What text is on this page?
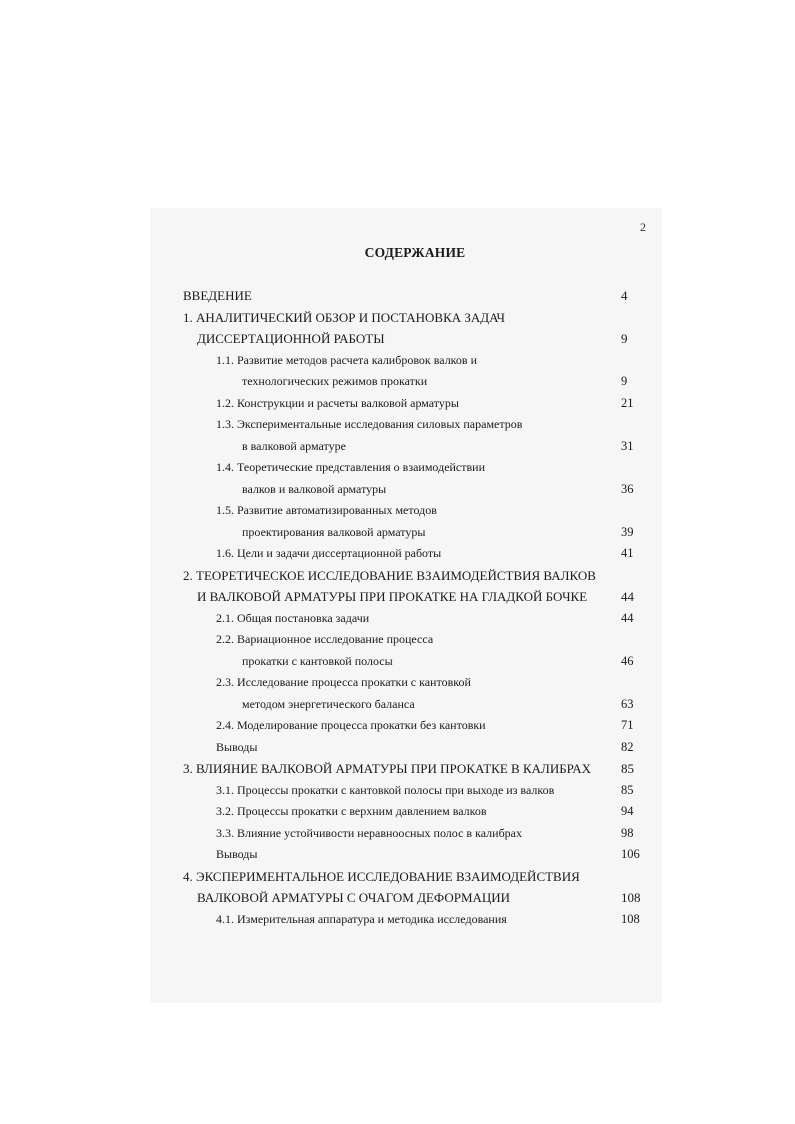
2
СОДЕРЖАНИЕ
ВВЕДЕНИЕ	4
1. АНАЛИТИЧЕСКИЙ ОБЗОР И ПОСТАНОВКА ЗАДАЧ
ДИССЕРТАЦИОННОЙ РАБОТЫ	9
1.1. Развитие методов расчета калибровок валков и
технологических режимов прокатки	9
1.2. Конструкции и расчеты валковой арматуры	21
1.3. Экспериментальные исследования силовых параметров
в валковой арматуре	31
1.4. Теоретические представления о взаимодействии
валков и валковой арматуры	36
1.5. Развитие автоматизированных методов
проектирования валковой арматуры	39
1.6. Цели и задачи диссертационной работы	41
2. ТЕОРЕТИЧЕСКОЕ ИССЛЕДОВАНИЕ ВЗАИМОДЕЙСТВИЯ ВАЛКОВ
И ВАЛКОВОЙ АРМАТУРЫ ПРИ ПРОКАТКЕ НА ГЛАДКОЙ БОЧКЕ	44
2.1. Общая постановка задачи	44
2.2. Вариационное исследование процесса
прокатки с кантовкой полосы	46
2.3. Исследование процесса прокатки с кантовкой
методом энергетического баланса	63
2.4. Моделирование процесса прокатки без кантовки	71
Выводы	82
3. ВЛИЯНИЕ ВАЛКОВОЙ АРМАТУРЫ ПРИ ПРОКАТКЕ В КАЛИБРАХ 85
3.1. Процессы прокатки с кантовкой полосы при выходе из валков	85
3.2. Процессы прокатки с верхним давлением валков	94
3.3. Влияние устойчивости неравноосных полос в калибрах	98
Выводы	106
4. ЭКСПЕРИМЕНТАЛЬНОЕ ИССЛЕДОВАНИЕ ВЗАИМОДЕЙСТВИЯ
ВАЛКОВОЙ АРМАТУРЫ С ОЧАГОМ ДЕФОРМАЦИИ	108
4.1. Измерительная аппаратура и методика исследования	108
